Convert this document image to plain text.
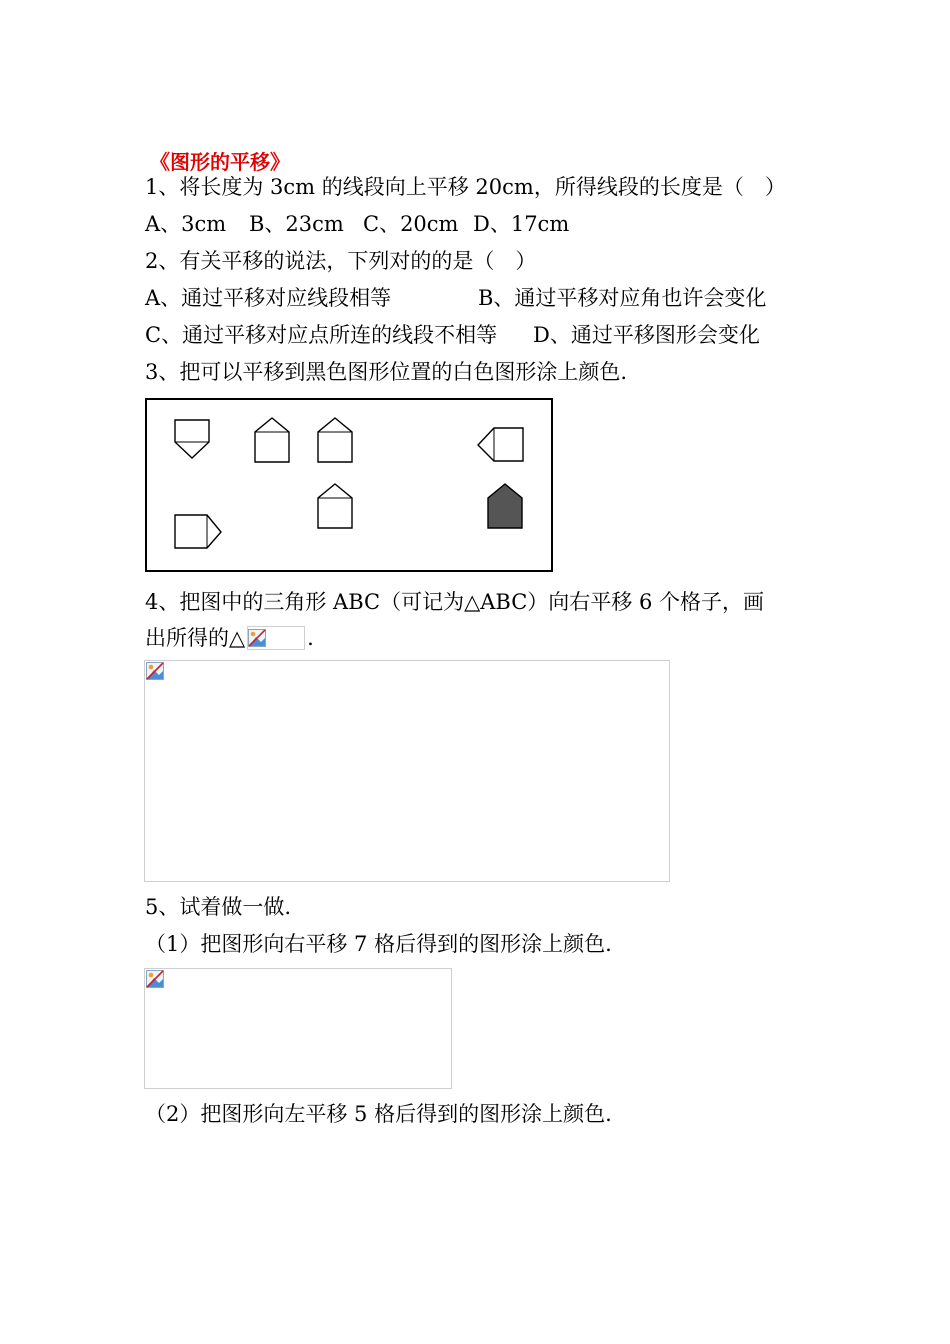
《图形的平移》
1、将长度为 3cm 的线段向上平移 20cm，所得线段的长度是（　）
A、3cm B、23cm C、20cm D、17cm
2、有关平移的说法，下列对的的是（　）
A、通过平移对应线段相等	B、通过平移对应角也许会变化
C、通过平移对应点所连的线段不相等 D、通过平移图形会变化
3、把可以平移到黑色图形位置的白色图形涂上颜色.
4、把图中的三角形 ABC（可记为△ABC）向右平移 6 个格子，画
出所得的△	.
5、试着做一做.
（1）把图形向右平移 7 格后得到的图形涂上颜色.
（2）把图形向左平移 5 格后得到的图形涂上颜色.
